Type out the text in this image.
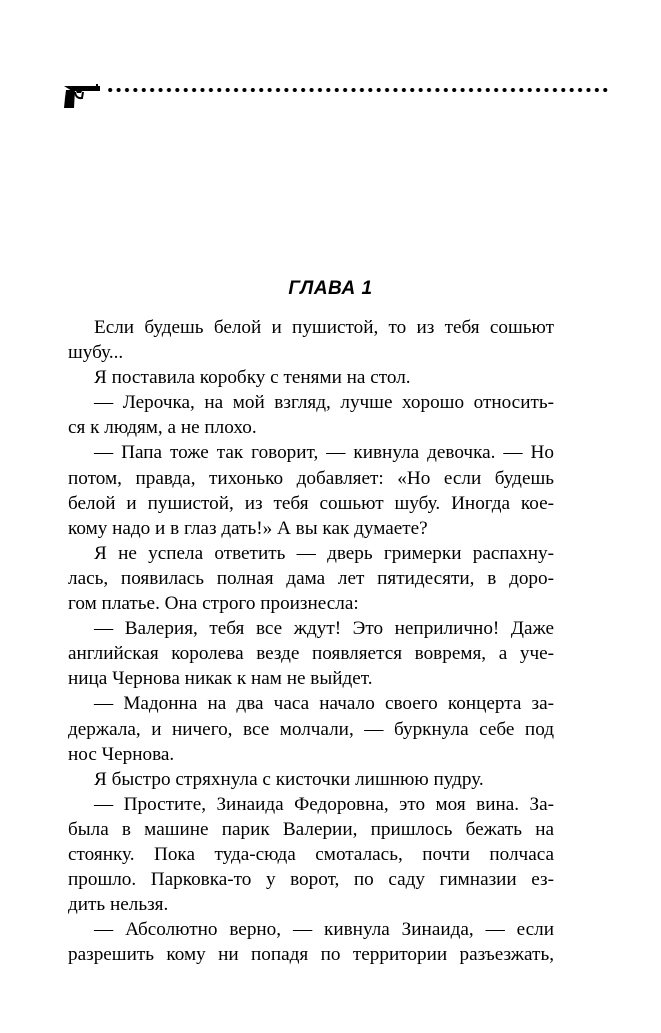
ГЛАВА 1
Если будешь белой и пушистой, то из тебя сошьют
шубу...
Я поставила коробку с тенями на стол.
— Лерочка, на мой взгляд, лучше хорошо относить-
ся к людям, а не плохо.
— Папа тоже так говорит, — кивнула девочка. — Но
потом, правда, тихонько добавляет: «Но если будешь
белой и пушистой, из тебя сошьют шубу. Иногда кое-
кому надо и в глаз дать!» А вы как думаете?
Я не успела ответить — дверь гримерки распахну-
лась, появилась полная дама лет пятидесяти, в доро-
гом платье. Она строго произнесла:
— Валерия, тебя все ждут! Это неприлично! Даже
английская королева везде появляется вовремя, а уче-
ница Чернова никак к нам не выйдет.
— Мадонна на два часа начало своего концерта за-
держала, и ничего, все молчали, — буркнула себе под
нос Чернова.
Я быстро стряхнула с кисточки лишнюю пудру.
— Простите, Зинаида Федоровна, это моя вина. За-
была в машине парик Валерии, пришлось бежать на
стоянку. Пока туда-сюда смоталась, почти полчаса
прошло. Парковка-то у ворот, по саду гимназии ез-
дить нельзя.
— Абсолютно верно, — кивнула Зинаида, — если
разрешить кому ни попадя по территории разъезжать,
